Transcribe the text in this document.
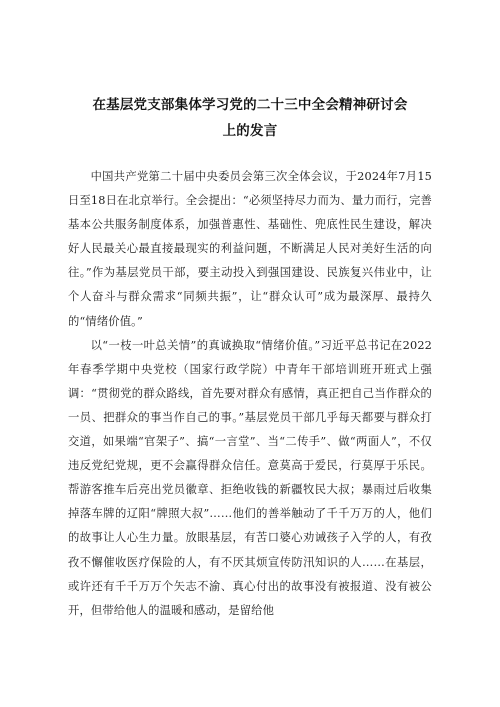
在基层党支部集体学习党的二十三中全会精神研讨会
上的发言

中国共产党第二十届中央委员会第三次全体会议，于2024年7月15日至18日在北京举行。全会提出：“必须坚持尽力而为、量力而行，完善基本公共服务制度体系，加强普惠性、基础性、兜底性民生建设，解决好人民最关心最直接最现实的利益问题，不断满足人民对美好生活的向往。”作为基层党员干部，要主动投入到强国建设、民族复兴伟业中，让个人奋斗与群众需求“同频共振”，让“群众认可”成为最深厚、最持久的“情绪价值。”

以“一枝一叶总关情”的真诚换取“情绪价值。”习近平总书记在2022年春季学期中央党校（国家行政学院）中青年干部培训班开班式上强调：“贯彻党的群众路线，首先要对群众有感情，真正把自己当作群众的一员、把群众的事当作自己的事。”基层党员干部几乎每天都要与群众打交道，如果端“官架子”、搞“一言堂”、当“二传手”、做“两面人”，不仅违反党纪党规，更不会赢得群众信任。意莫高于爱民，行莫厚于乐民。帮游客推车后亮出党员徽章、拒绝收钱的新疆牧民大叔；暴雨过后收集掉落车牌的辽阳“牌照大叔”……他们的善举触动了千千万万的人，他们的故事让人心生力量。放眼基层，有苦口婆心劝诫孩子入学的人，有孜孜不懈催收医疗保险的人，有不厌其烦宣传防汛知识的人……在基层，或许还有千千万万个矢志不渝、真心付出的故事没有被报道、没有被公开，但带给他人的温暖和感动，是留给他
